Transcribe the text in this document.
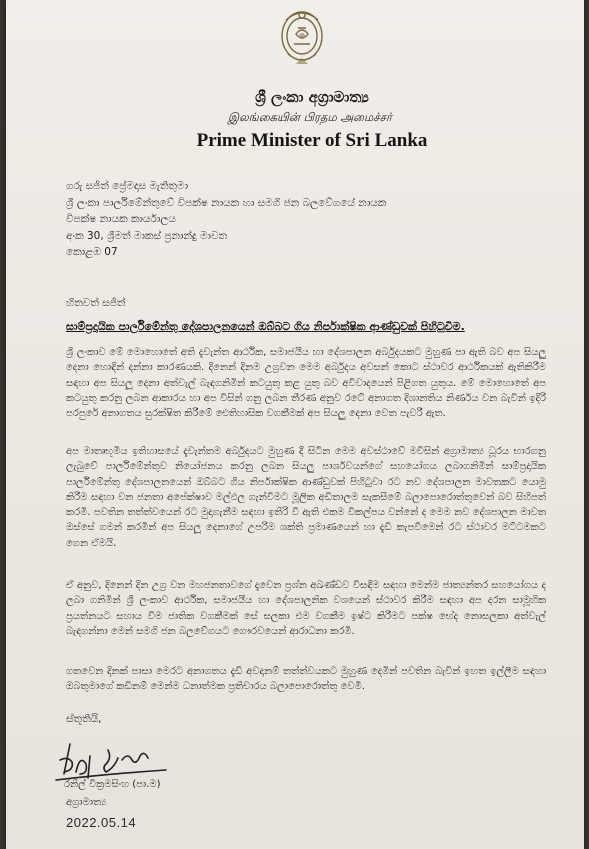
ශ්‍රී ලංකා අග්‍රාමාත්‍ය
இலங்கையின் பிரதம அமைச்சர்
Prime Minister of Sri Lanka
ගරු සජිත් ප්‍රේමදාස මැතිතුමා
ශ්‍රී ලංකා පාර්ලිමේන්තුවේ විපක්ෂ නායක හා සමගි ජන බලවේගයේ නායක
විපක්ෂ නායක කාර්යාලය
අංක 30, ශ්‍රීමත් මාකස් ප්‍රනාන්දු මාවත
කොළඹ 07
හිතවත් සජිත්
සාම්ප්‍රදායික පාර්ලිමේන්තු දේශපාලනයෙන් ඔබ්බට ගිය නිර්පාක්ෂික ආණ්ඩුවක් පිහිටුවීම.
ශ්‍රී ලංකාව මේ මොහොතේ අති දැවැන්ත ආර්ථික, සමාජයීය හා දේශපාලන අර්බුදයකට මුහුණ පා ඇති බව අප සියලු දෙනා හොඳින් දන්නා කාරණයකි. දිනෙන් දිනම උග්‍රවන මෙම අර්බුදය අවසන් කොට ස්ථාවර ආර්ථිකයක් ඇතිකිරීම සඳහා අප සියලූ දෙනා අත්වැල් බැඳගනිමින් කටයුතු කළ යුතු බව අවිවාදයෙන් පිළිගත යුතුය. මේ මොහොතේ අප කටයුතු කරනු ලබන ආකාරය හා අප විසින් ගනු ලබන තීරණ අනුව රටේ අනාගත දිශානතිය නිර්ණය වන බැවින් ඉදිරි පරපුරේ අනාගතය සුරක්ෂිත කිරීමේ ඓතිහාසික වගකීමක් අප සියලු දෙනා වෙත පැවරී ඇත.
අප මාතෘභූමිය ඉතිහාසයේ දැවැන්තම අර්බුදයට මුහුණ දී සිටින මෙම අවස්ථාවේ මවිසින් අග්‍රාමාත්‍ය ධූරය භාරගනු ලැබුවේ පාර්ලිමේන්තුව නියෝජනය කරනු ලබන සියලු පාර්ශවයන්ගේ සහයෝගය ලබාගනිමින් සාම්ප්‍රදායික පාර්ලිමේන්තු දේශපාලනයෙන් ඔබ්බට ගිය නිර්පාක්ෂික ආණ්ඩුවක් පිහිටුවා රට නව දේශපාලන මාවතකට යොමු කිරීම සඳහා වන ජනතා අපේක්ෂාව මල්ඵල ගැන්වීමට මූලික අඩිතාලම සැකසීමේ බලාපොරොත්තුවෙන් බව සිහිපත් කරමි. පවතින තත්ත්වයෙන් රට මුදාගැනීම සඳහා ඉතිරි වී ඇති එකම විකල්පය වන්නේ ද මෙම නව දේශපාලන මාවත ඔස්සේ ගමන් කරමින් අප සියලූ දෙනාගේ උපරිම ශක්ති ප්‍රමාණයෙන් හා දැඩි කැපවීමෙන් රට ස්ථාවර මට්ටමකට ගෙන ඒමයි.
ඒ අනුව, දිනෙන් දින උග්‍ර වන මහජනතාවගේ දැවෙන ප්‍රශ්න අඛණ්ඩව විසඳීම සඳහා මෙන්ම ජාත්‍යන්තර සහයෝගය ද ලබා ගනිමින් ශ්‍රී ලංකාව ආර්ථික, සමාජයීය හා දේශපාලනික වශයෙන් ස්ථාවර කිරීම සඳහා අප දරන සාමූහික ප්‍රයත්නයට සහාය වීම ජාතික වගකීමක් සේ සලකා එම වගකීම ඉෂ්ට කිරීමට පක්ෂ භේද නොසලකා අත්වැල් බැඳගන්නා මෙන් සමගි ජන බලවේගයට ගෞරවයෙන් ආරාධනා කරමි.
ගතවෙන දිනක් පාසා මෙරට අනාගතය දැඩි අවදානම් තත්ත්වයකට මුහුණ දෙමින් පවතින බැවින් ඉහත ඉල්ලීම සඳහා ඔබතුමාගේ කඩිනම් මෙන්ම ධනාත්මක ප්‍රතිචාරය බලාපොරොත්තු වෙමි.
ස්තූතියි,
රනිල් වික්‍රමසිංහ (පා.ම)
අග්‍රාමාත්‍ය
2022.05.14
